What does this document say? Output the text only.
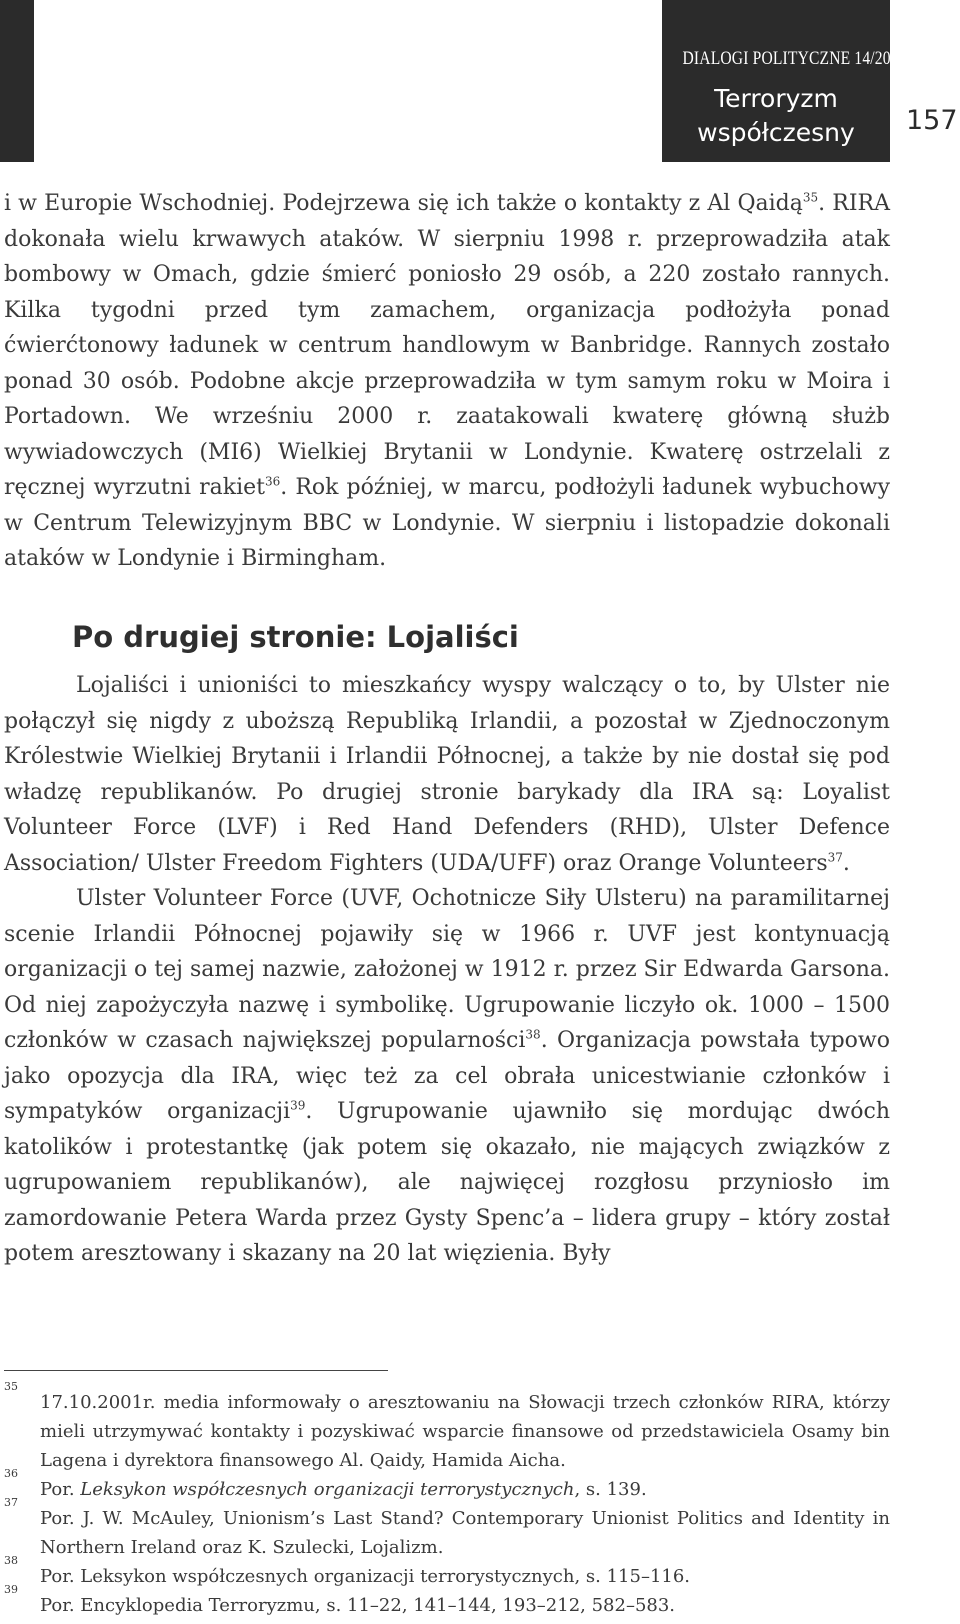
DIALOGI POLITYCZNE 14/2011
Terroryzm
współczesny	157

i w Europie Wschodniej. Podejrzewa się ich także o kontakty z Al Qaidą$^{35}$. RIRA dokonała wielu krwawych ataków. W sierpniu 1998 r. przeprowadziła atak bombowy w Omach, gdzie śmierć poniosło 29 osób, a 220 zostało rannych. Kilka tygodni przed tym zamachem, organizacja podłożyła ponad ćwierćtonowy ładunek w centrum handlowym w Banbridge. Rannych zostało ponad 30 osób. Podobne akcje przeprowadziła w tym samym roku w Moira i Portadown. We wrześniu 2000 r. zaatakowali kwaterę główną służb wywiadowczych (MI6) Wielkiej Brytanii w Londynie. Kwaterę ostrzelali z ręcznej wyrzutni rakiet$^{36}$. Rok później, w marcu, podłożyli ładunek wybuchowy w Centrum Telewizyjnym BBC w Londynie. W sierpniu i listopadzie dokonali ataków w Londynie i Birmingham.

Po drugiej stronie: Lojaliści

Lojaliści i unioniści to mieszkańcy wyspy walczący o to, by Ulster nie połączył się nigdy z uboższą Republiką Irlandii, a pozostał w Zjednoczonym Królestwie Wielkiej Brytanii i Irlandii Północnej, a także by nie dostał się pod władzę republikanów. Po drugiej stronie barykady dla IRA są: Loyalist Volunteer Force (LVF) i Red Hand Defenders (RHD), Ulster Defence Association/ Ulster Freedom Fighters (UDA/UFF) oraz Orange Volunteers$^{37}$.

Ulster Volunteer Force (UVF, Ochotnicze Siły Ulsteru) na paramilitarnej scenie Irlandii Północnej pojawiły się w 1966 r. UVF jest kontynuacją organizacji o tej samej nazwie, założonej w 1912 r. przez Sir Edwarda Garsona. Od niej zapożyczyła nazwę i symbolikę. Ugrupowanie liczyło ok. 1000 – 1500 członków w czasach największej popularności$^{38}$. Organizacja powstała typowo jako opozycja dla IRA, więc też za cel obrała unicestwianie członków i sympatyków organizacji$^{39}$. Ugrupowanie ujawniło się mordując dwóch katolików i protestantkę (jak potem się okazało, nie mających związków z ugrupowaniem republikanów), ale najwięcej rozgłosu przyniosło im zamordowanie Petera Warda przez Gysty Spenc’a – lidera grupy – który został potem aresztowany i skazany na 20 lat więzienia. Były

35
17.10.2001r. media informowały o aresztowaniu na Słowacji trzech członków RIRA, którzy mieli utrzymywać kontakty i pozyskiwać wsparcie finansowe od przedstawiciela Osamy bin Lagena i dyrektora finansowego Al. Qaidy, Hamida Aicha.
36
Por. Leksykon współczesnych organizacji terrorystycznych, s. 139.
37
Por. J. W. McAuley, Unionism’s Last Stand? Contemporary Unionist Politics and Identity in Northern Ireland oraz K. Szulecki, Lojalizm.
38
Por. Leksykon współczesnych organizacji terrorystycznych, s. 115–116.
39
Por. Encyklopedia Terroryzmu, s. 11–22, 141–144, 193–212, 582–583.
